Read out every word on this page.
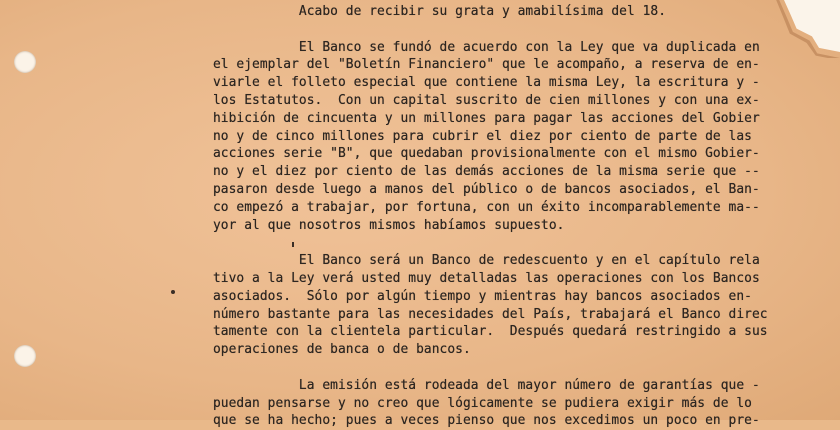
Acabo de recibir su grata y amabilísima del 18.
El Banco se fundó de acuerdo con la Ley que va duplicada en
el ejemplar del "Boletín Financiero" que le acompaño, a reserva de en-
viarle el folleto especial que contiene la misma Ley, la escritura y -
los Estatutos.  Con un capital suscrito de cien millones y con una ex-
hibición de cincuenta y un millones para pagar las acciones del Gobier
no y de cinco millones para cubrir el diez por ciento de parte de las
acciones serie "B", que quedaban provisionalmente con el mismo Gobier-
no y el diez por ciento de las demás acciones de la misma serie que --
pasaron desde luego a manos del público o de bancos asociados, el Ban-
co empezó a trabajar, por fortuna, con un éxito incomparablemente ma--
yor al que nosotros mismos habíamos supuesto.
El Banco será un Banco de redescuento y en el capítulo rela
tivo a la Ley verá usted muy detalladas las operaciones con los Bancos
asociados.  Sólo por algún tiempo y mientras hay bancos asociados en-
número bastante para las necesidades del País, trabajará el Banco direc
tamente con la clientela particular.  Después quedará restringido a sus
operaciones de banca o de bancos.
La emisión está rodeada del mayor número de garantías que -
puedan pensarse y no creo que lógicamente se pudiera exigir más de lo
que se ha hecho; pues a veces pienso que nos excedimos un poco en pre-
